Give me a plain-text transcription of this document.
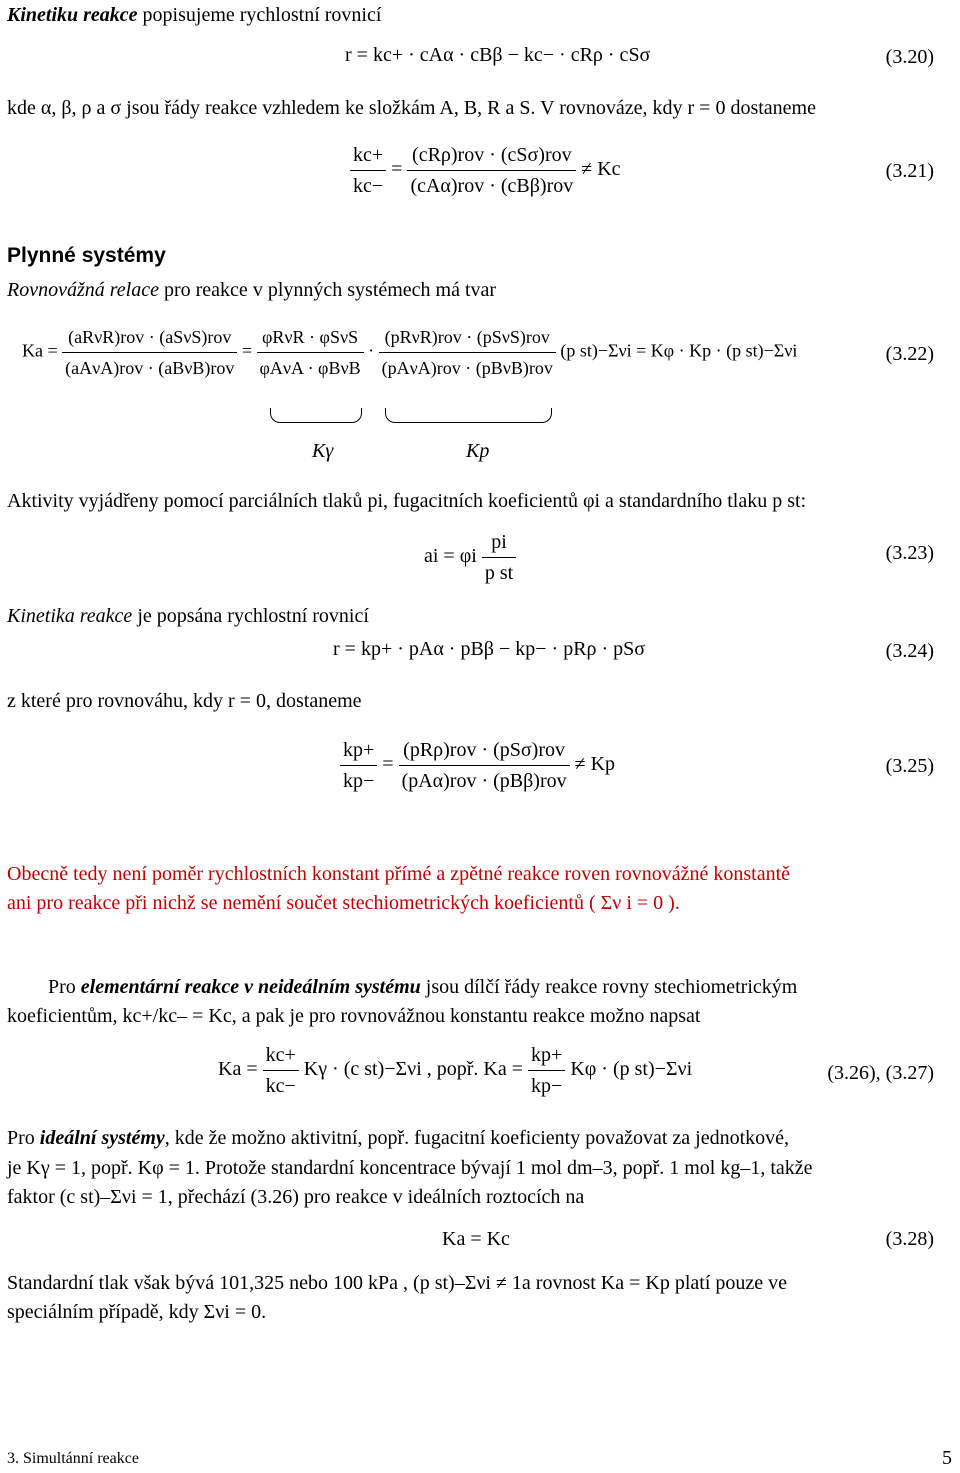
Kinetiku reakce popisujeme rychlostní rovnicí
r = kc+ · cAα · cBβ − kc− · cRρ · cSσ	(3.20)
kde α, β, ρ a σ jsou řády reakce vzhledem ke složkám A, B, R a S. V rovnováze, kdy r = 0 dostaneme
$\frac{kc+}{kc-} = \frac{\text{(cRρ)rov · (cSσ)rov}}{\text{(cAα)rov · (cBβ)rov}} \ne Kc$	(3.21)
Plynné systémy
Rovnovážná relace pro reakce v plynných systémech má tvar
$Ka = \frac{\text{(aRνR)rov · (aSνS)rov}}{\text{(aAνA)rov · (aBνB)rov}} = \frac{\text{φRνR · φSνS}}{\text{φAνA · φBνB}} \cdot \frac{\text{(pRνR)rov · (pSνS)rov}}{\text{(pAνA)rov · (pBνB)rov}} (p$ st)−Σνi = Kφ · Kp · (p st)−Σνi	(3.22)
Kγ	Kp
Aktivity vyjádřeny pomocí parciálních tlaků pi, fugacitních koeficientů φi a standardního tlaku p st:
ai = φi $\frac{pi}{\text{p st}}$	(3.23)
Kinetika reakce je popsána rychlostní rovnicí
r = kp+ · pAα · pBβ − kp− · pRρ · pSσ	(3.24)
z které pro rovnováhu, kdy r = 0, dostaneme
$\frac{kp+}{kp-} = \frac{\text{(pRρ)rov · (pSσ)rov}}{\text{(pAα)rov · (pBβ)rov}} \ne Kp$	(3.25)
Obecně tedy není poměr rychlostních konstant přímé a zpětné reakce roven rovnovážné konstantě
ani pro reakce při nichž se nemění součet stechiometrických koeficientů ( Σν i = 0 ).
Pro elementární reakce v neideálním systému jsou dílčí řády reakce rovny stechiometrickým
koeficientům, kc+/kc– = Kc, a pak je pro rovnovážnou konstantu reakce možno napsat
$Ka = \frac{kc+}{kc-}$ Kγ · (c st)−Σνi , popř. $Ka = \frac{kp+}{kp-}$ Kφ · (p st)−Σνi	(3.26), (3.27)
Pro ideální systémy, kde že možno aktivitní, popř. fugacitní koeficienty považovat za jednotkové,
je Kγ = 1, popř. Kφ = 1. Protože standardní koncentrace bývají 1 mol dm–3, popř. 1 mol kg–1, takže
faktor (c st)–Σνi = 1, přechází (3.26) pro reakce v ideálních roztocích na
Ka = Kc	(3.28)
Standardní tlak však bývá 101,325 nebo 100 kPa , (p st)–Σνi ≠ 1a rovnost Ka = Kp platí pouze ve
speciálním případě, kdy Σνi = 0.
3. Simultánní reakce	5
